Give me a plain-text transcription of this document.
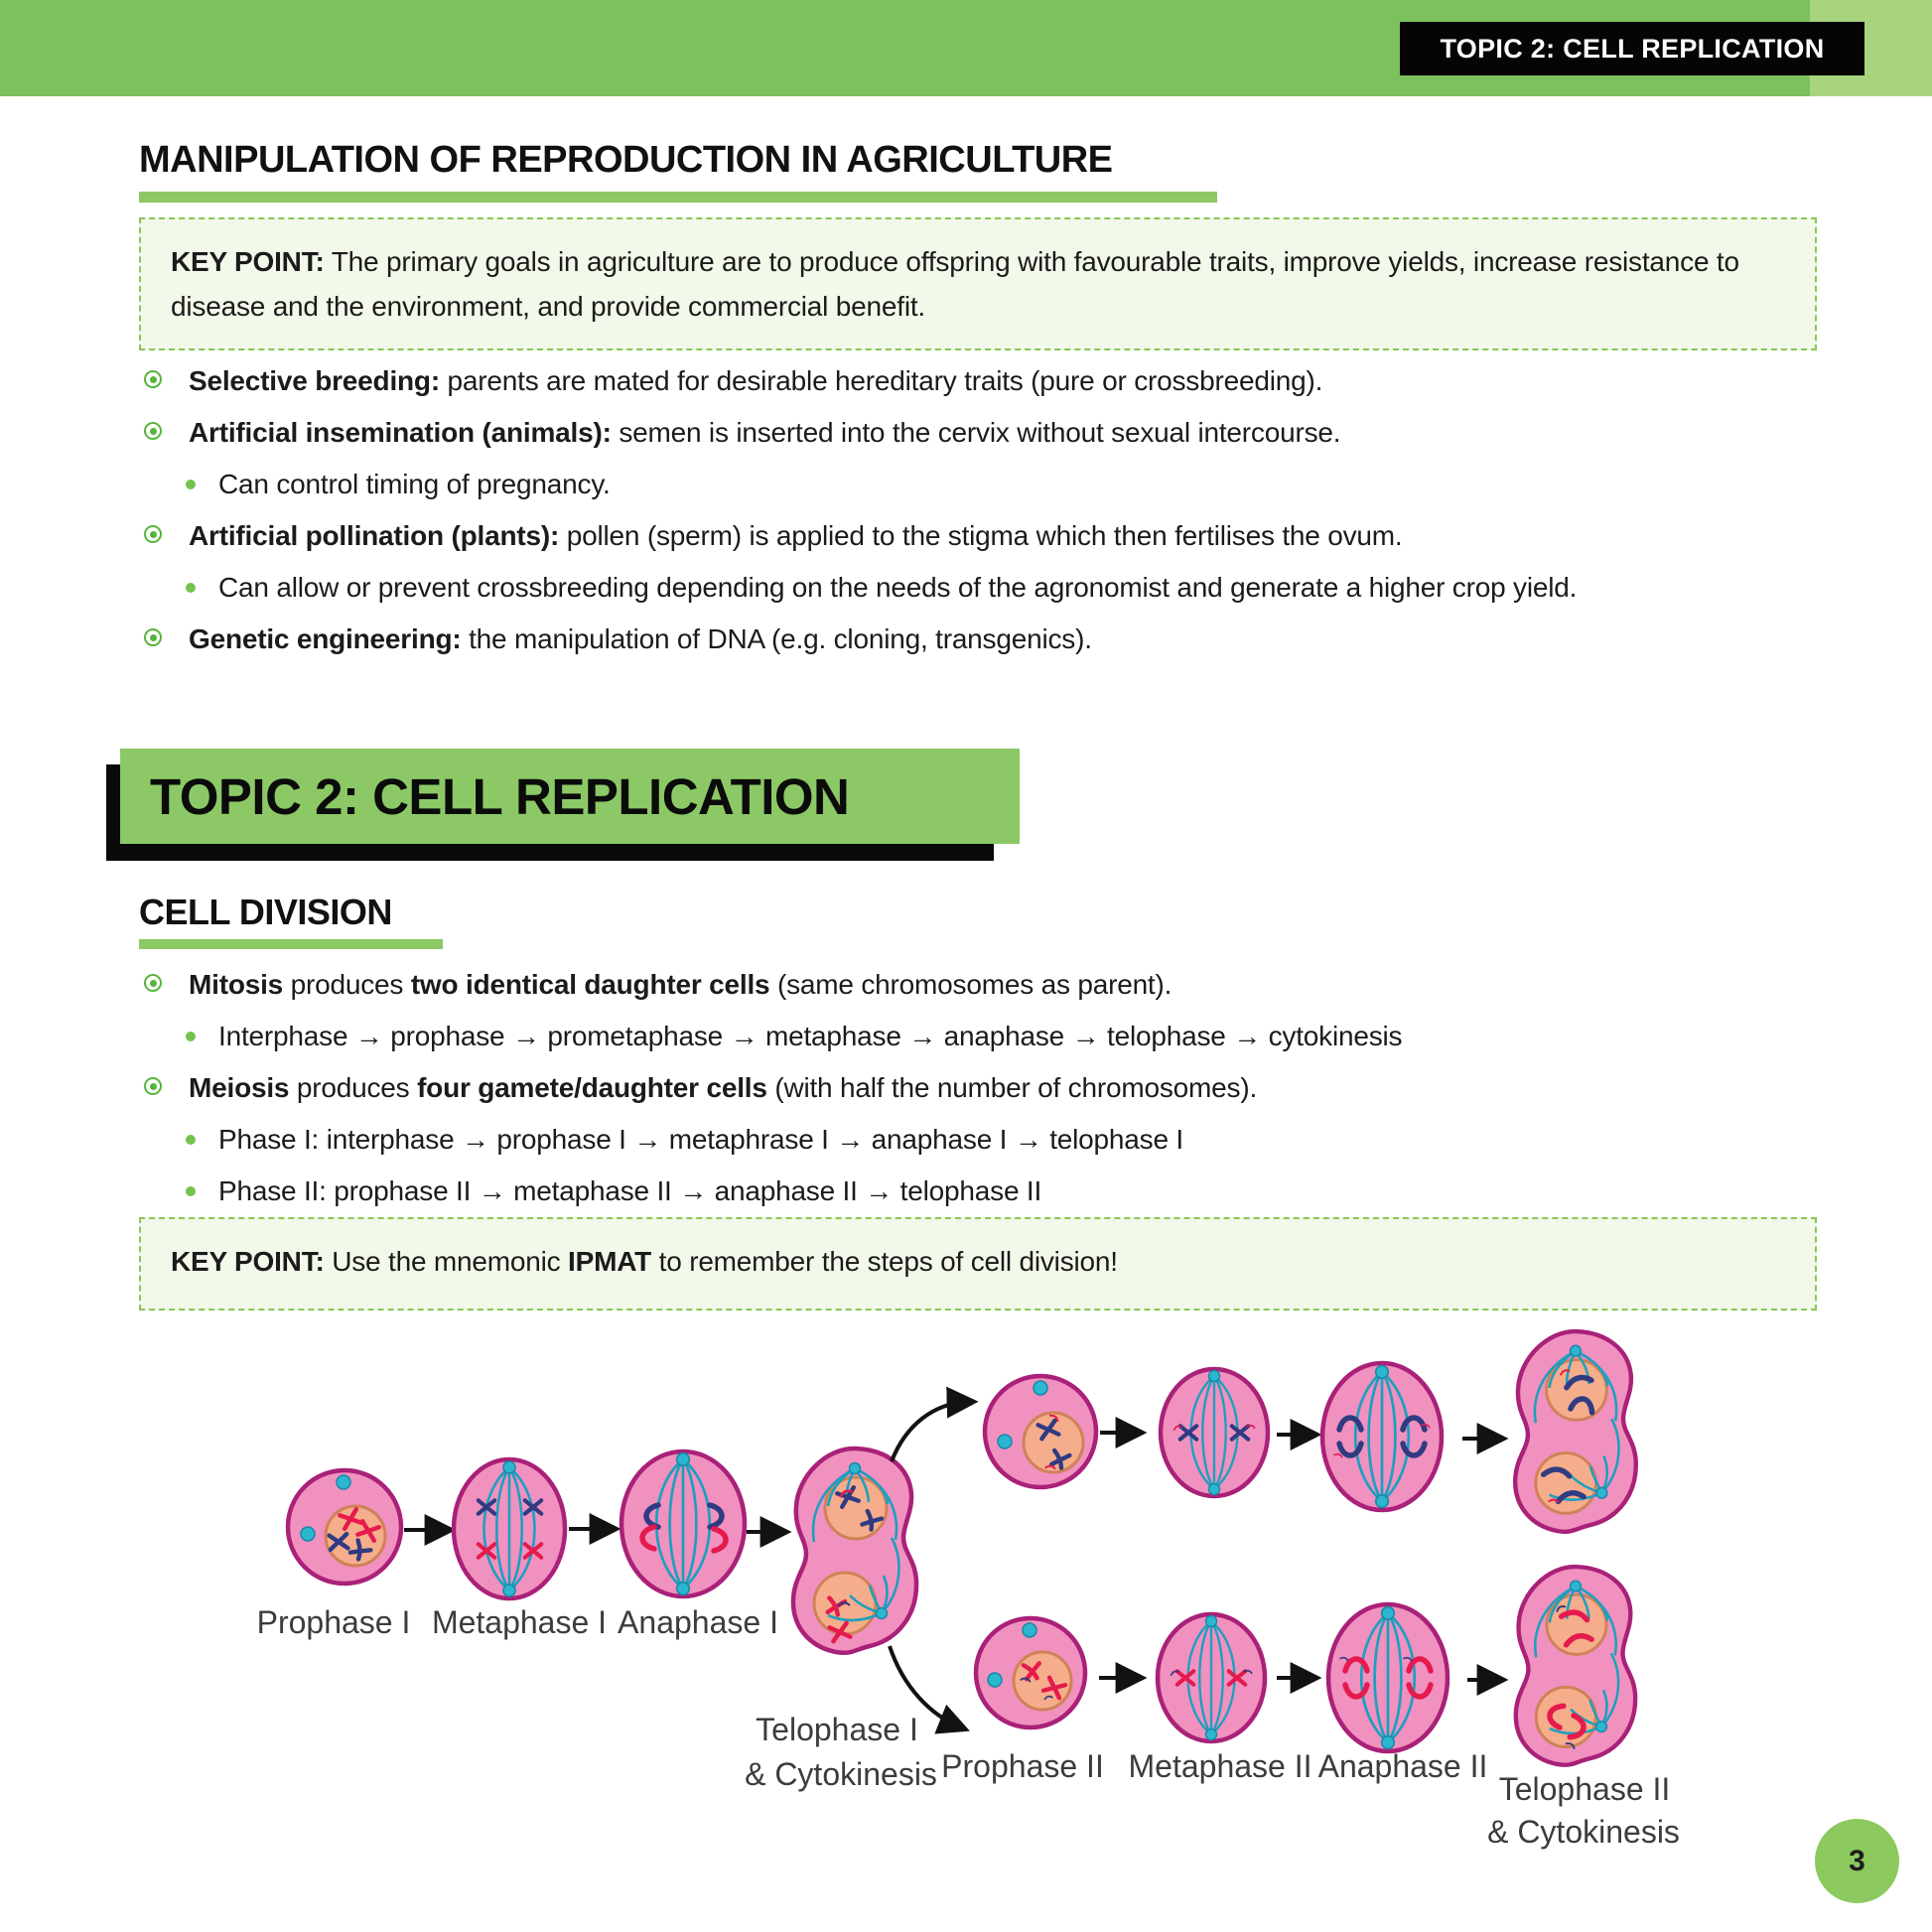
TOPIC 2: CELL REPLICATION
MANIPULATION OF REPRODUCTION IN AGRICULTURE
KEY POINT: The primary goals in agriculture are to produce offspring with favourable traits, improve yields, increase resistance to disease and the environment, and provide commercial benefit.
Selective breeding: parents are mated for desirable hereditary traits (pure or crossbreeding).
Artificial insemination (animals): semen is inserted into the cervix without sexual intercourse.
Can control timing of pregnancy.
Artificial pollination (plants): pollen (sperm) is applied to the stigma which then fertilises the ovum.
Can allow or prevent crossbreeding depending on the needs of the agronomist and generate a higher crop yield.
Genetic engineering: the manipulation of DNA (e.g. cloning, transgenics).
TOPIC 2: CELL REPLICATION
CELL DIVISION
Mitosis produces two identical daughter cells (same chromosomes as parent).
Interphase → prophase → prometaphase → metaphase → anaphase → telophase → cytokinesis
Meiosis produces four gamete/daughter cells (with half the number of chromosomes).
Phase I: interphase → prophase I → metaphrase I → anaphase I → telophase I
Phase II: prophase II → metaphase II → anaphase II → telophase II
KEY POINT: Use the mnemonic IPMAT to remember the steps of cell division!
Prophase I Metaphase I Anaphase I
Telophase I
& Cytokinesis Prophase II Metaphase II Anaphase II
Telophase II
& Cytokinesis
3
